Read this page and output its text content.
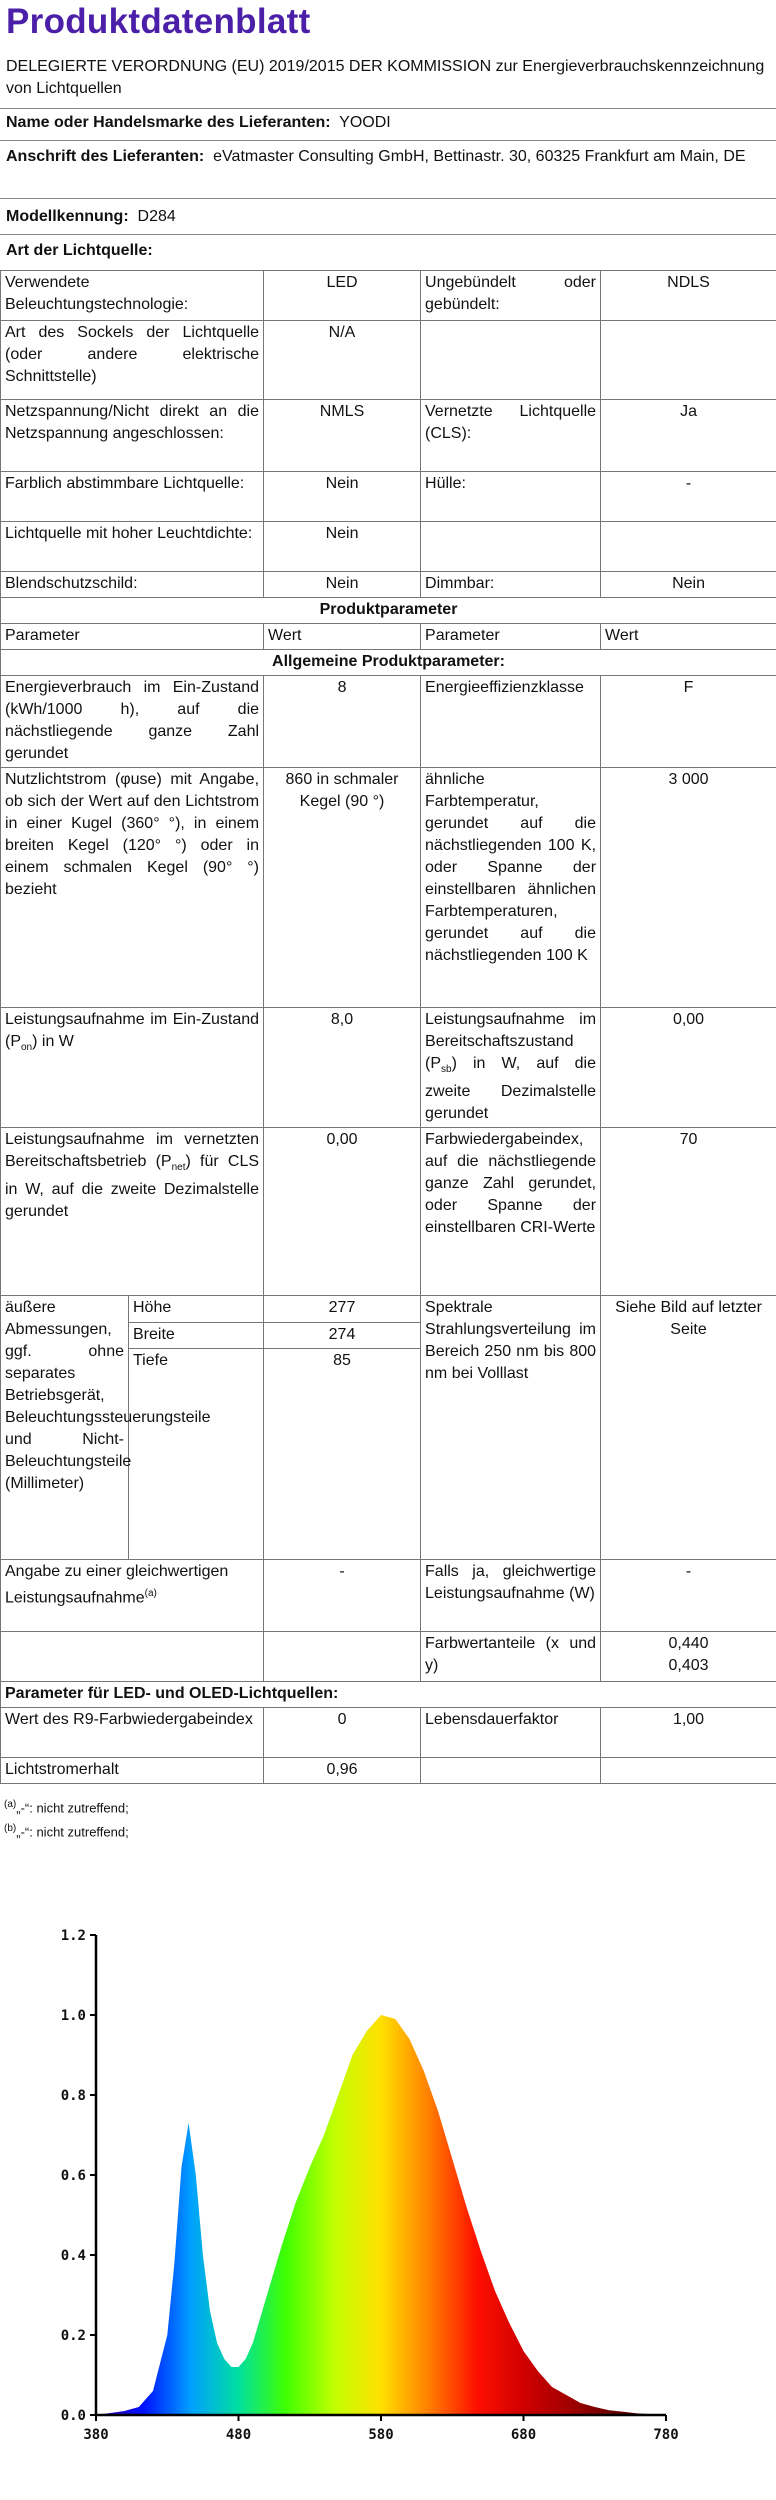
Produktdatenblatt
DELEGIERTE VERORDNUNG (EU) 2019/2015 DER KOMMISSION zur Energieverbrauchskennzeichnung von Lichtquellen
Name oder Handelsmarke des Lieferanten: YOODI
Anschrift des Lieferanten: eVatmaster Consulting GmbH, Bettinastr. 30, 60325 Frankfurt am Main, DE
Modellkennung: D284
Art der Lichtquelle:
Verwendete Beleuchtungstechnologie:		LED	Ungebündelt oder gebündelt:	NDLS
Art des Sockels der Lichtquelle (oder andere elektrische Schnittstelle)		N/A		
Netzspannung/Nicht direkt an die Netzspannung angeschlossen:		NMLS	Vernetzte Lichtquelle (CLS):	Ja
Farblich abstimmbare Lichtquelle:		Nein	Hülle:	-
Lichtquelle mit hoher Leuchtdichte:		Nein		
Blendschutzschild:		Nein	Dimmbar:	Nein
Produktparameter				
Parameter		Wert	Parameter	Wert
Allgemeine Produktparameter:				
Energieverbrauch im Ein-Zustand (kWh/1000 h), auf die nächstliegende ganze Zahl gerundet		8	Energieeffizienzklasse	F
Nutzlichtstrom (φuse) mit Angabe, ob sich der Wert auf den Lichtstrom in einer Kugel (360° °), in einem breiten Kegel (120° °) oder in einem schmalen Kegel (90° °) bezieht		860 in schmaler Kegel (90 °)	ähnliche Farbtemperatur, gerundet auf die nächstliegenden 100 K, oder Spanne der einstellbaren ähnlichen Farbtemperaturen, gerundet auf die nächstliegenden 100 K	3 000
Leistungsaufnahme im Ein-Zustand $(P_{on})$ in W		8,0	Leistungsaufnahme im Bereitschaftszustand $(P_{sb})$ in W, auf die zweite Dezimalstelle gerundet	0,00
Leistungsaufnahme im vernetzten Bereitschaftsbetrieb $(P_{net})$ für CLS in W, auf die zweite Dezimalstelle gerundet		0,00	Farbwiedergabeindex, auf die nächstliegende ganze Zahl gerundet, oder Spanne der einstellbaren CRI-Werte	70
äußere Abmessungen, ggf. ohne separates Betriebsgerät, Beleuchtungssteuerungsteile und Nicht-Beleuchtungsteile (Millimeter)	Höhe	277	Spektrale Strahlungsverteilung im Bereich 250 nm bis 800 nm bei Volllast	Siehe Bild auf letzter Seite
	Breite	274		
	Tiefe	85		
Angabe zu einer gleichwertigen Leistungsaufnahme$^{(a)}$		-	Falls ja, gleichwertige Leistungsaufnahme (W)	-
			Farbwertanteile (x und y)	0,440
0,403

Parameter für LED- und OLED-Lichtquellen:				
Wert des R9-Farbwiedergabeindex		0	Lebensdauerfaktor	1,00
Lichtstromerhalt		0,96		
$^{(a)}$„-“: nicht zutreffend;
$^{(b)}$„-“: nicht zutreffend;
0.0
0.2
0.4
0.6
0.8
1.0
1.2
380	480	580	680	780
